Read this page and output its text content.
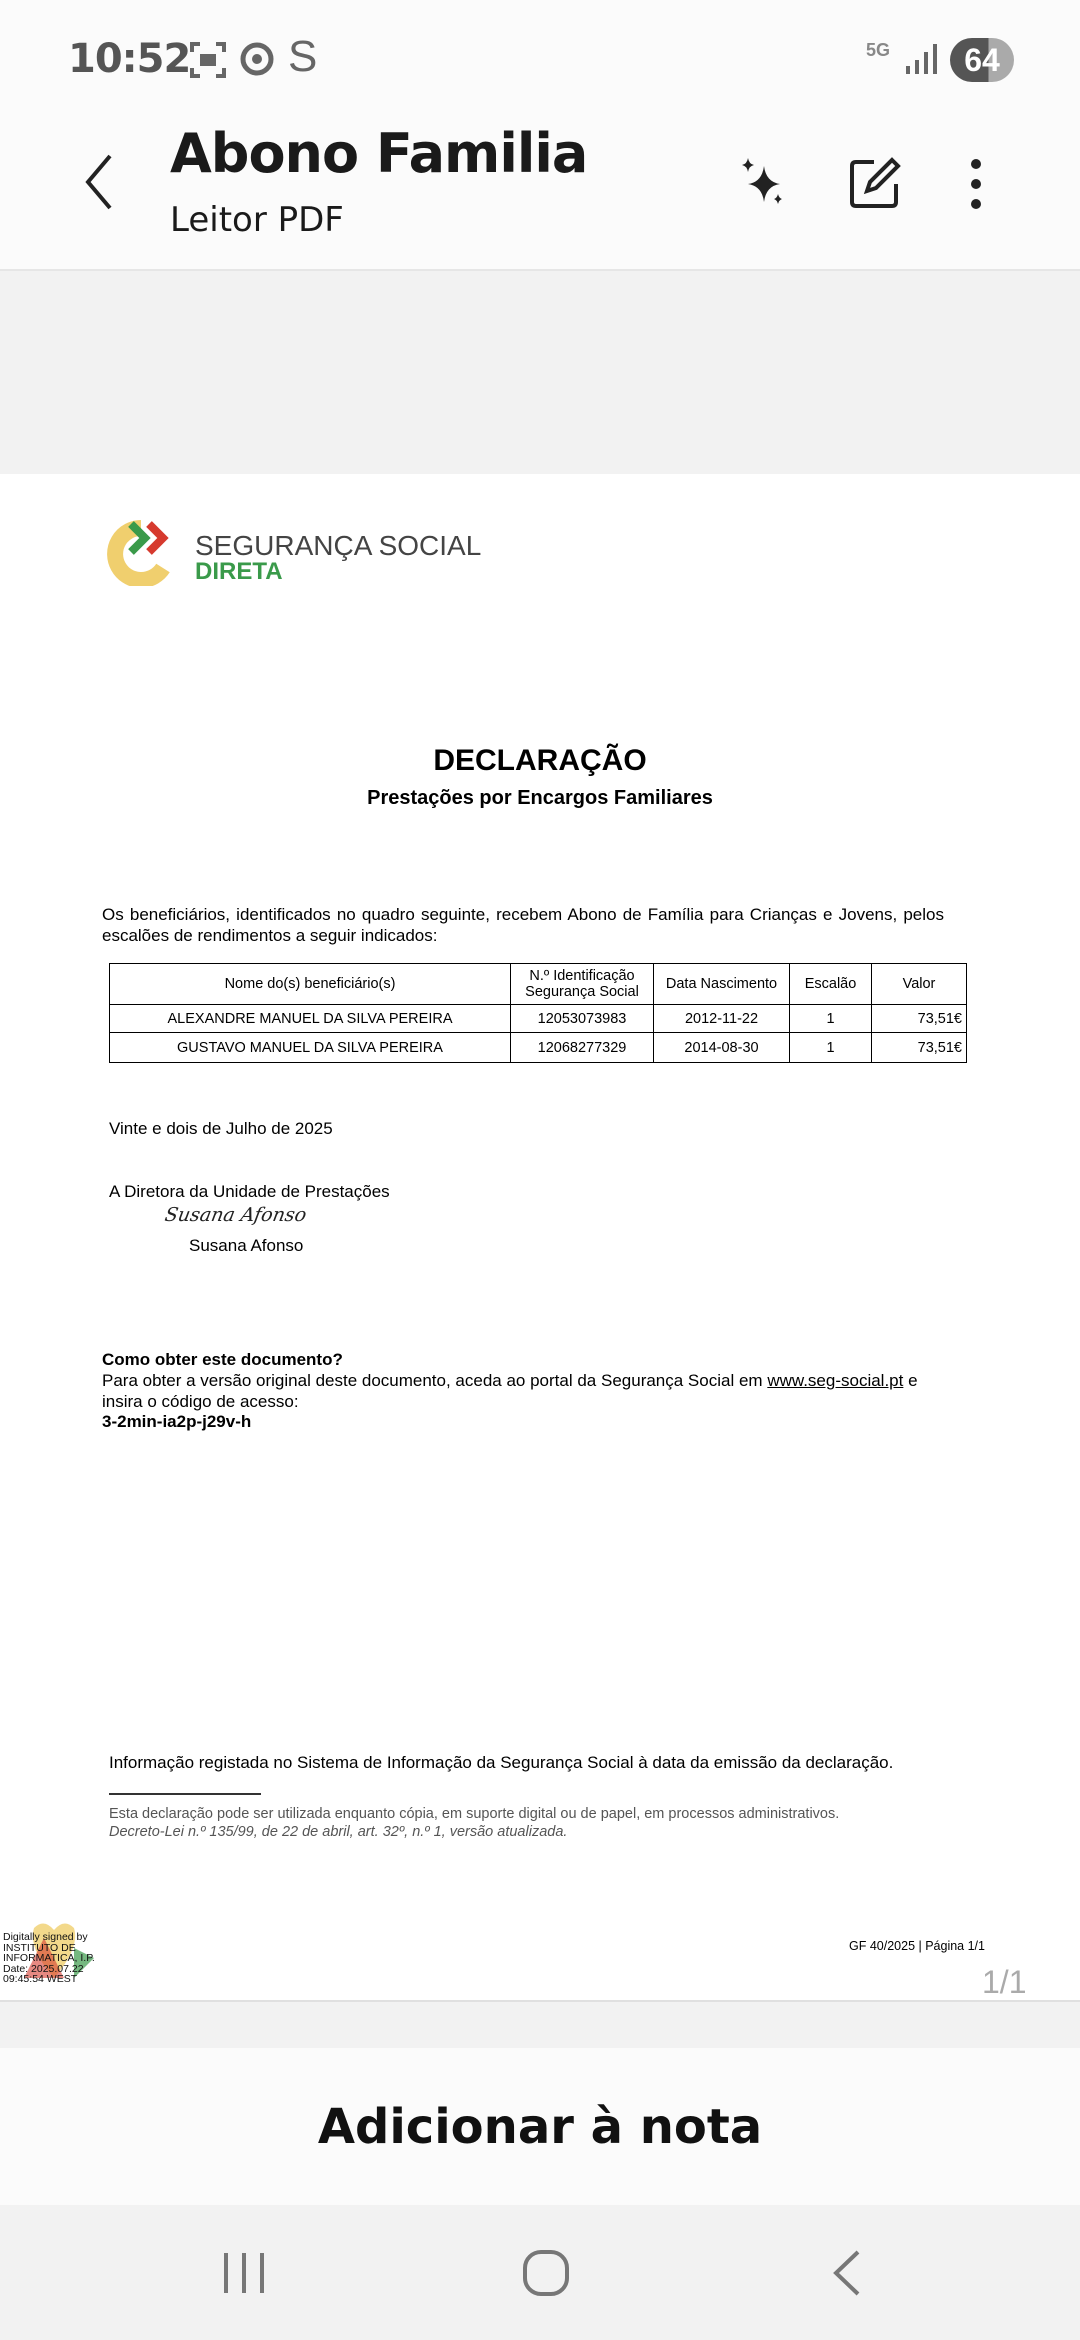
10:52 S	5G	64
Abono Familia
Leitor PDF
SEGURANÇA SOCIAL
DIRETA
DECLARAÇÃO
Prestações por Encargos Familiares
Os beneficiários, identificados no quadro seguinte, recebem Abono de Família para Crianças e Jovens, pelos escalões de rendimentos a seguir indicados:
Nome do(s) beneficiário(s)	N.º Identificação Segurança Social	Data Nascimento	Escalão	Valor
ALEXANDRE MANUEL DA SILVA PEREIRA	12053073983	2012-11-22	1	73,51€
GUSTAVO MANUEL DA SILVA PEREIRA	12068277329	2014-08-30	1	73,51€
Vinte e dois de Julho de 2025
A Diretora da Unidade de Prestações
Susana Afonso
Susana Afonso
Como obter este documento?
Para obter a versão original deste documento, aceda ao portal da Segurança Social em www.seg-social.pt e insira o código de acesso:
3-2min-ia2p-j29v-h
Informação registada no Sistema de Informação da Segurança Social à data da emissão da declaração.
Esta declaração pode ser utilizada enquanto cópia, em suporte digital ou de papel, em processos administrativos.
Decreto-Lei n.º 135/99, de 22 de abril, art. 32º, n.º 1, versão atualizada.
Digitally signed by
INSTITUTO DE
INFORMATICA, I.P.
Date: 2025.07.22
09:45:54 WEST
GF 40/2025 | Página 1/1
1/1
Adicionar à nota
